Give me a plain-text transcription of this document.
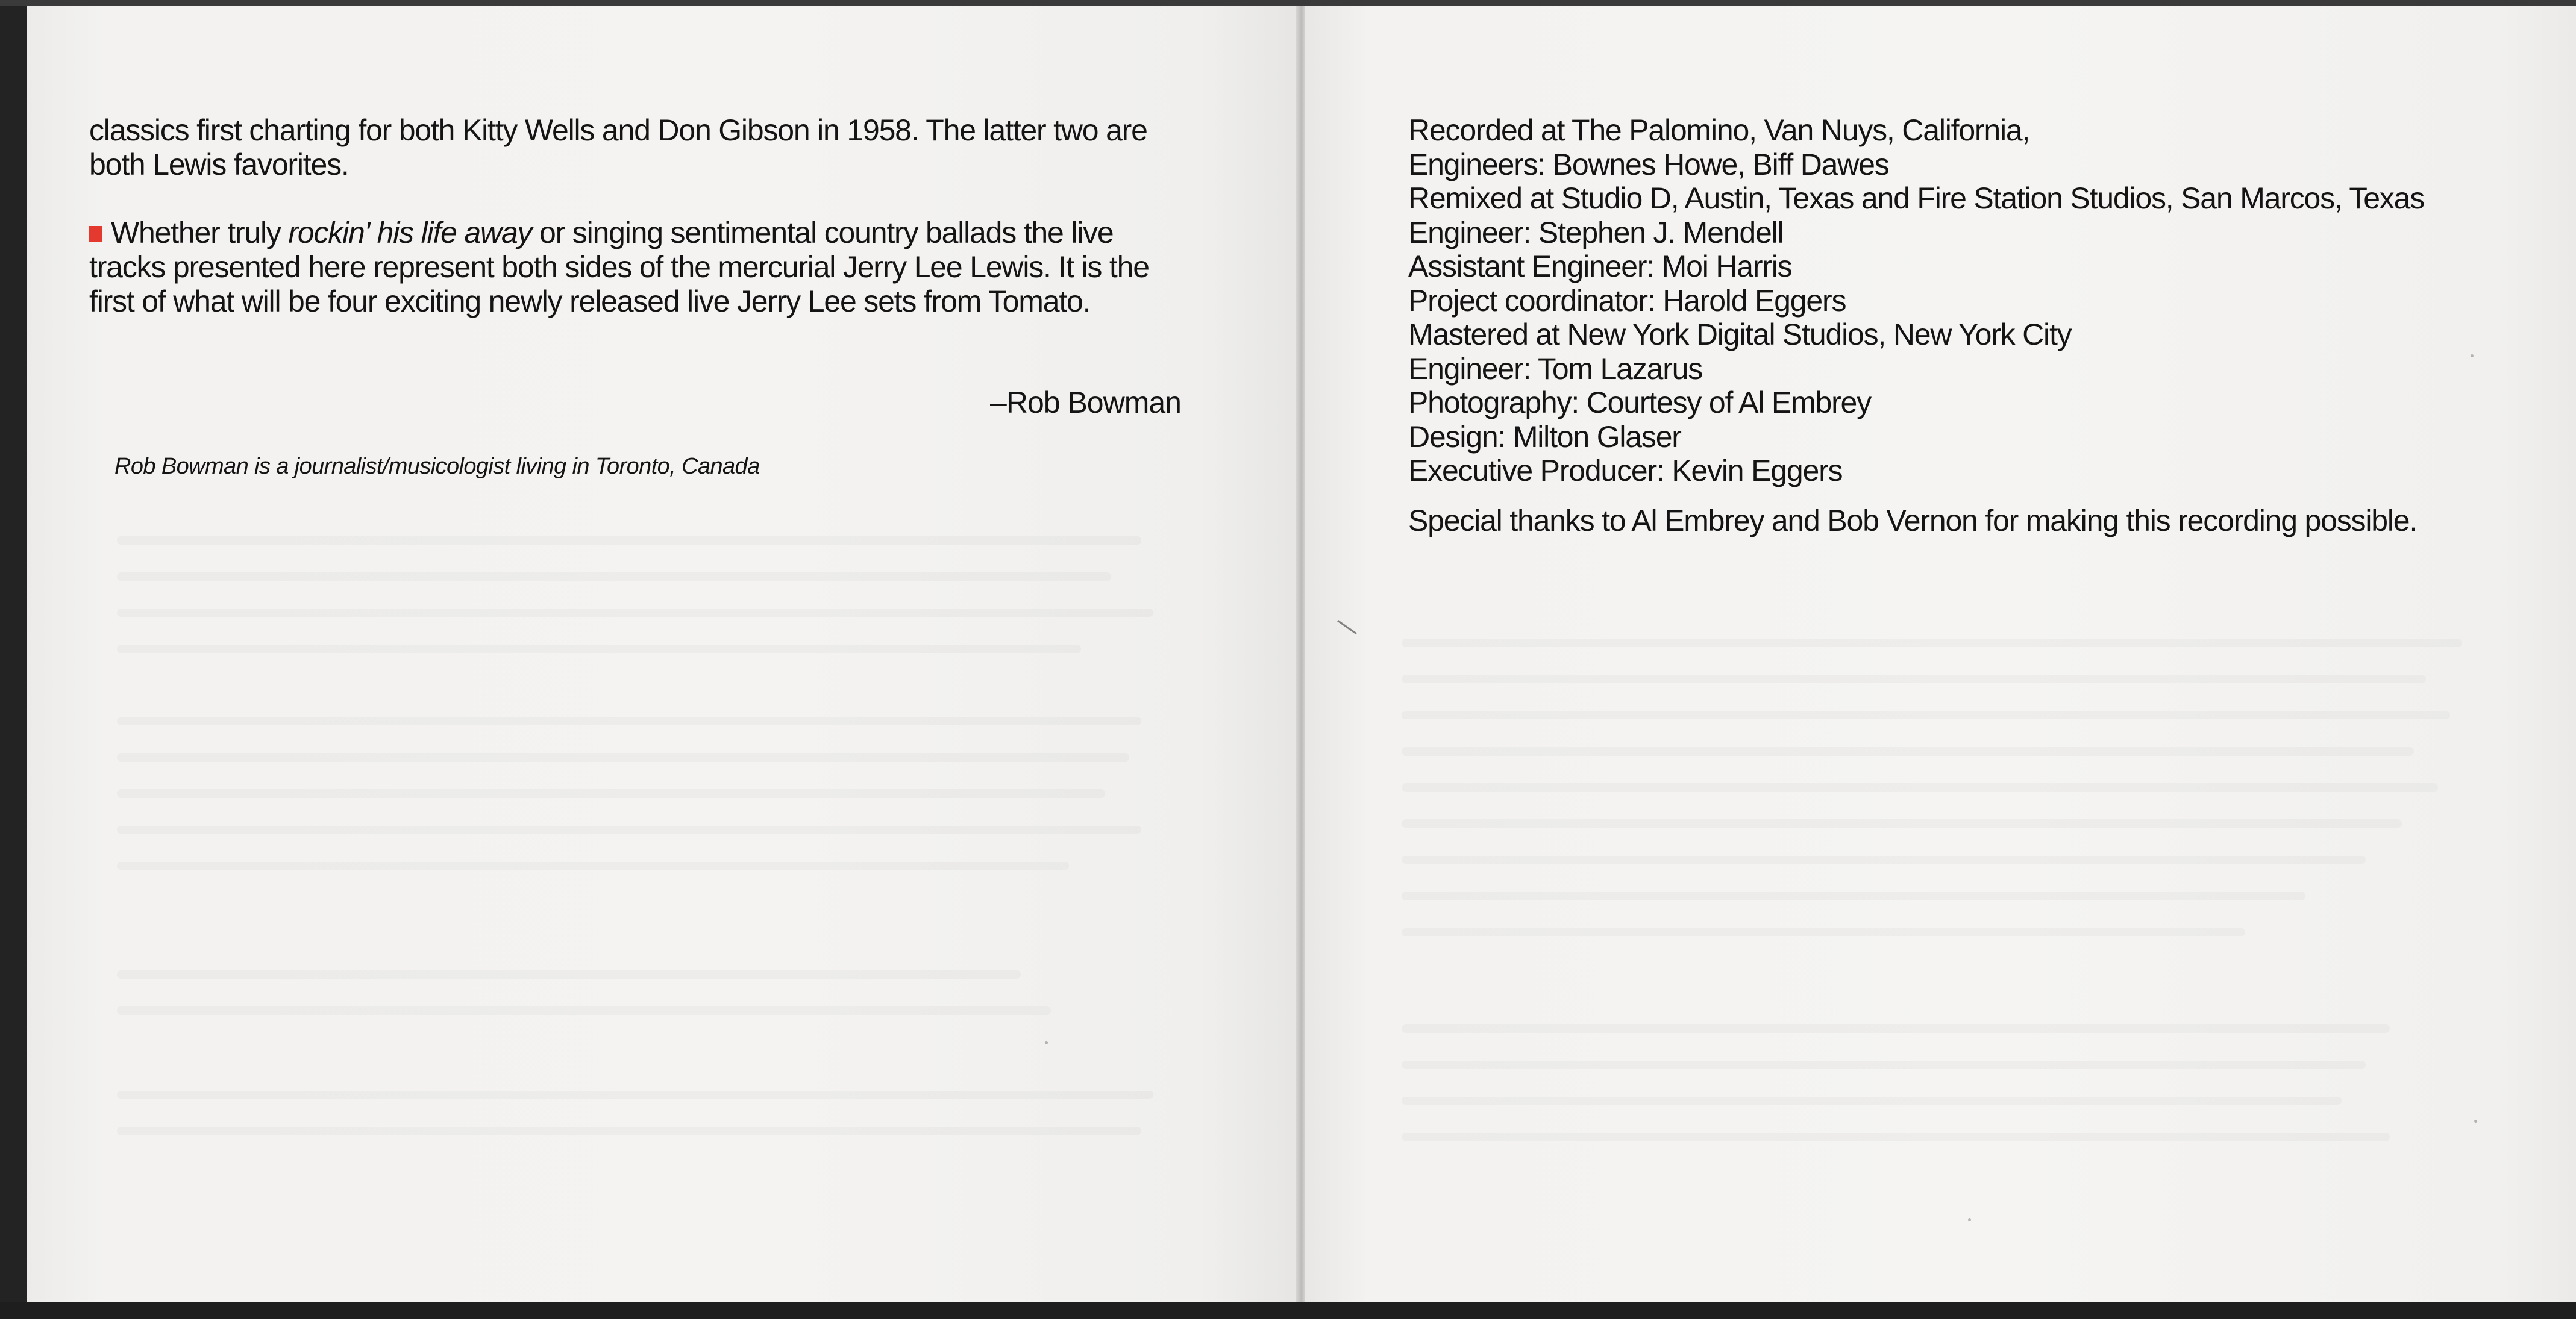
classics first charting for both Kitty Wells and Don Gibson in 1958. The latter two are both Lewis favorites.

Whether truly rockin' his life away or singing sentimental country ballads the live tracks presented here represent both sides of the mercurial Jerry Lee Lewis. It is the first of what will be four exciting newly released live Jerry Lee sets from Tomato.

–Rob Bowman
Rob Bowman is a journalist/musicologist living in Toronto, Canada

Recorded at The Palomino, Van Nuys, California,

Engineers: Bownes Howe, Biff Dawes

Remixed at Studio D, Austin, Texas and Fire Station Studios, San Marcos, Texas

Engineer: Stephen J. Mendell

Assistant Engineer: Moi Harris

Project coordinator: Harold Eggers

Mastered at New York Digital Studios, New York City

Engineer: Tom Lazarus

Photography: Courtesy of Al Embrey

Design: Milton Glaser

Executive Producer: Kevin Eggers

Special thanks to Al Embrey and Bob Vernon for making this recording possible.
